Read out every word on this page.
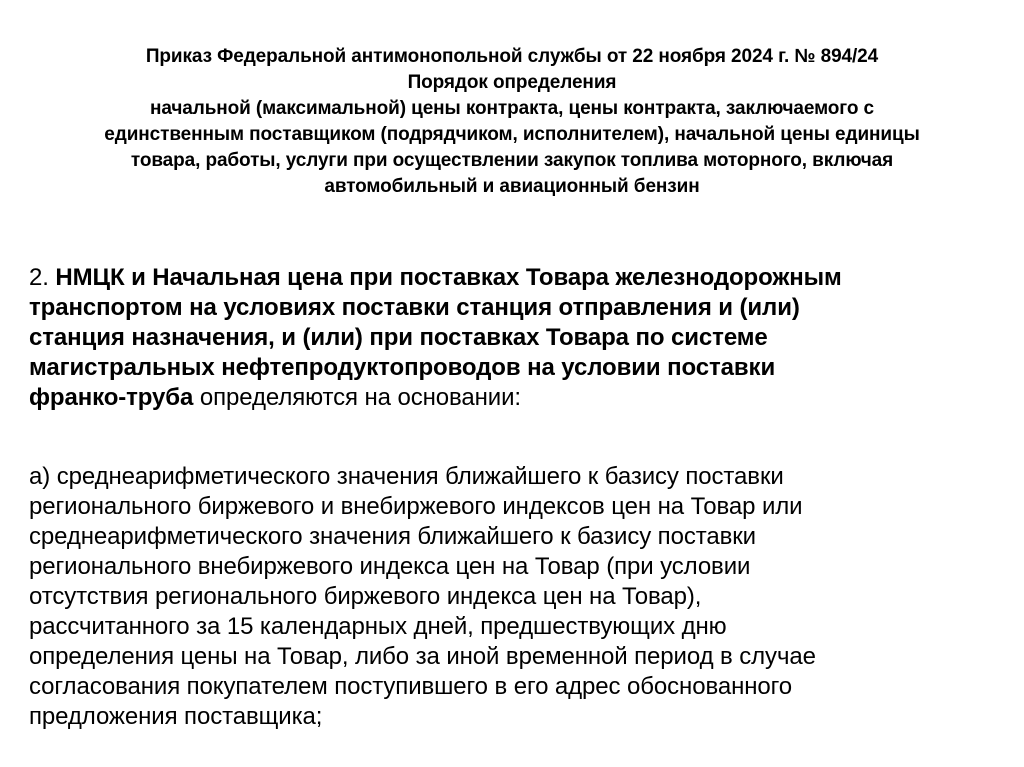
Приказ Федеральной антимонопольной службы от 22 ноября 2024 г. № 894/24
Порядок определения
начальной (максимальной) цены контракта, цены контракта, заключаемого с
единственным поставщиком (подрядчиком, исполнителем), начальной цены единицы
товара, работы, услуги при осуществлении закупок топлива моторного, включая
автомобильный и авиационный бензин
2. НМЦК и Начальная цена при поставках Товара железнодорожным
транспортом на условиях поставки станция отправления и (или)
станция назначения, и (или) при поставках Товара по системе
магистральных нефтепродуктопроводов на условии поставки
франко-труба определяются на основании:
а) среднеарифметического значения ближайшего к базису поставки
регионального биржевого и внебиржевого индексов цен на Товар или
среднеарифметического значения ближайшего к базису поставки
регионального внебиржевого индекса цен на Товар (при условии
отсутствия регионального биржевого индекса цен на Товар),
рассчитанного за 15 календарных дней, предшествующих дню
определения цены на Товар, либо за иной временной период в случае
согласования покупателем поступившего в его адрес обоснованного
предложения поставщика;
